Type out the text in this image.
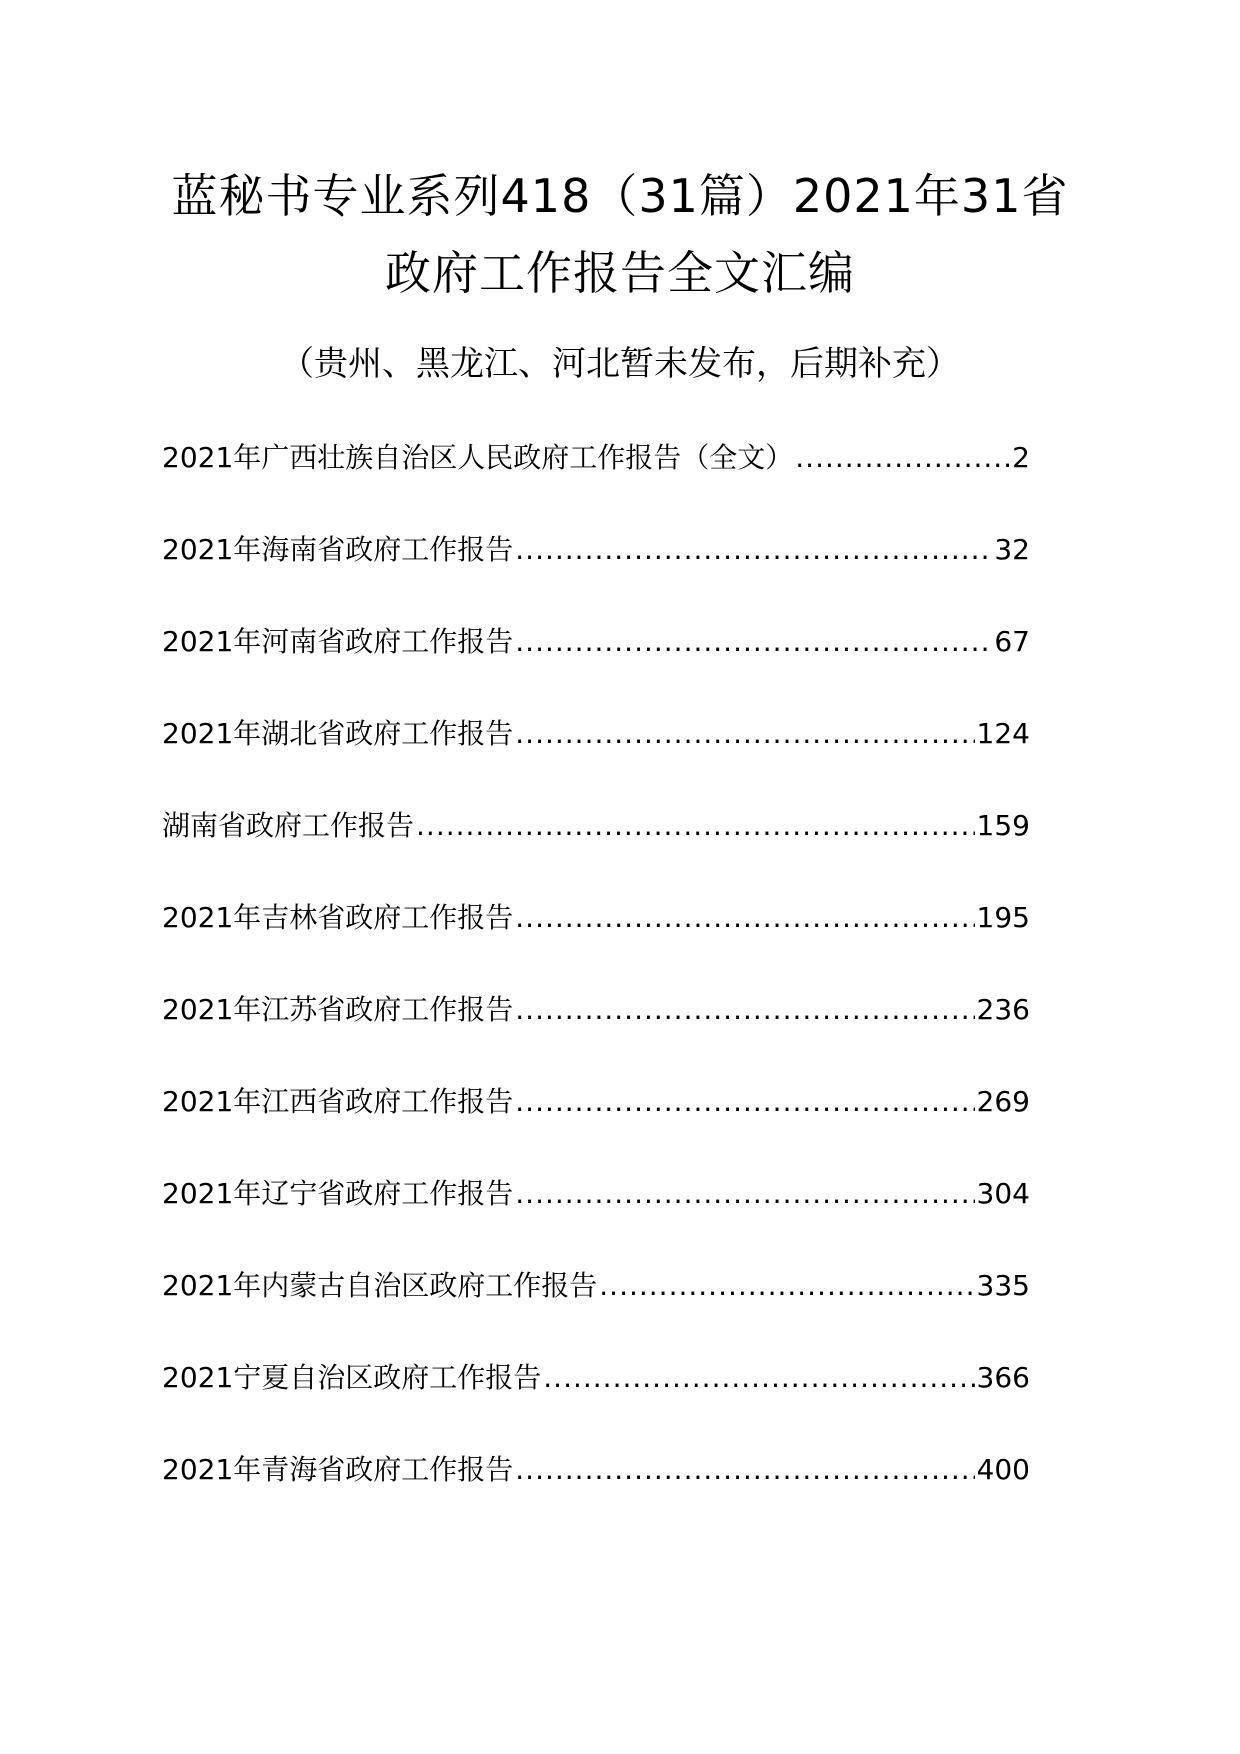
蓝秘书专业系列418（31篇）2021年31省
政府工作报告全文汇编
（贵州、黑龙江、河北暂未发布，后期补充）
2021年广西壮族自治区人民政府工作报告（全文） .....	2
2021年海南省政府工作报告 .....	32
2021年河南省政府工作报告 .....	67
2021年湖北省政府工作报告 .....	124
湖南省政府工作报告 .....	159
2021年吉林省政府工作报告 .....	195
2021年江苏省政府工作报告 .....	236
2021年江西省政府工作报告 .....	269
2021年辽宁省政府工作报告 .....	304
2021年内蒙古自治区政府工作报告 .....	335
2021宁夏自治区政府工作报告 .....	366
2021年青海省政府工作报告 .....	400
